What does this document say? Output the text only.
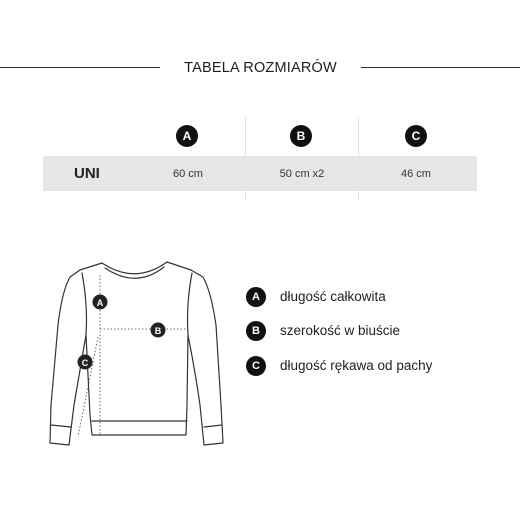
TABELA ROZMIARÓW
A	B	C
UNI	60 cm	50 cm x2	46 cm
A
B
C
A	długość całkowita
B	szerokość w biuście
C	długość rękawa od pachy
